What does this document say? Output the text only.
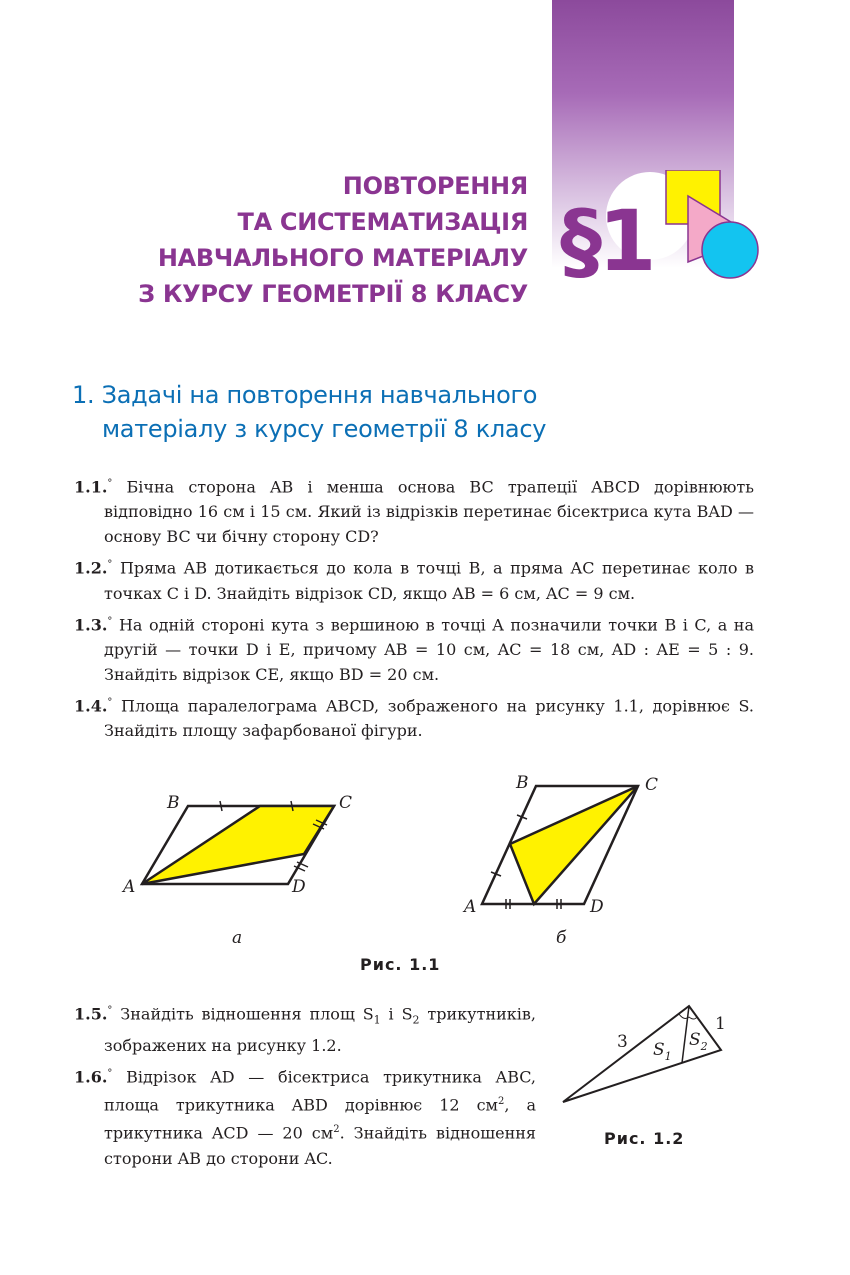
ПОВТОРЕННЯ
ТА СИСТЕМАТИЗАЦІЯ
НАВЧАЛЬНОГО МАТЕРІАЛУ
З КУРСУ ГЕОМЕТРІЇ 8 КЛАСУ
§1
1. Задачі на повторення навчального
матеріалу з курсу геометрії 8 класу

1.1.° Бічна сторона AB і менша основа BC трапеції ABCD дорівнюють відповідно 16 см і 15 см. Який із відрізків перетинає бісектриса кута BAD — основу BC чи бічну сторону CD?

1.2.° Пряма AB дотикається до кола в точці B, а пряма AC перетинає коло в точках C і D. Знайдіть відрізок CD, якщо AB = 6 см, AC = 9 см.

1.3.° На одній стороні кута з вершиною в точці A позначили точки B і C, а на другій — точки D і E, причому AB = 10 см, AC = 18 см, AD : AE = 5 : 9. Знайдіть відрізок CE, якщо BD = 20 см.

1.4.° Площа паралелограма ABCD, зображеного на рисунку 1.1, дорівнює S. Знайдіть площу зафарбованої фігури.

B	C
A	D

а

B	C
A	D

б

Рис. 1.1

1.5.° Знайдіть відношення площ $S_1$ і $S_2$ трикутників, зображених на рисунку 1.2.

1.6.° Відрізок AD — бісектриса трикутника ABC, площа трикутника ABD дорівнює 12 $см^2$, а трикутника ACD — 20 $см^2$. Знайдіть відношення сторони AB до сторони AC.

3
1
$S_1$
$S_2$

Рис. 1.2
